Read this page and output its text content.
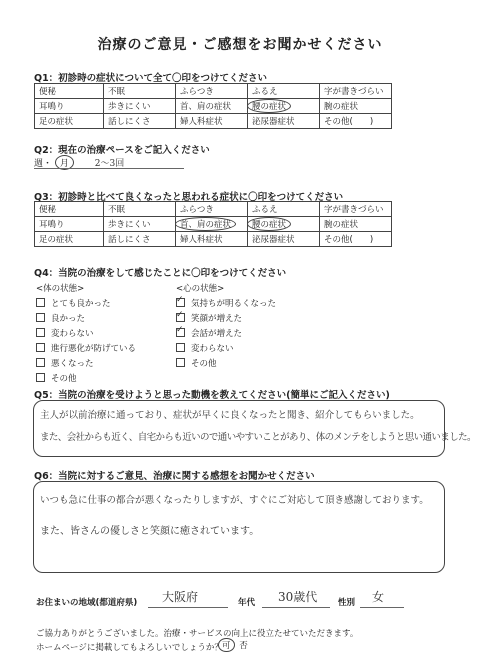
治療のご意見・ご感想をお聞かせください
Q1：初診時の症状について全て〇印をつけてください
便秘	不眠	ふらつき	ふるえ	字が書きづらい
耳鳴り	歩きにくい	首、肩の症状	腰の症状	腕の症状
足の症状	話しにくさ	婦人科症状	泌尿器症状	その他(　　)
Q2：現在の治療ペースをご記入ください
週・ 月	2〜3回
Q3：初診時と比べて良くなったと思われる症状に〇印をつけてください
便秘	不眠	ふらつき	ふるえ	字が書きづらい
耳鳴り	歩きにくい	首、肩の症状	腰の症状	腕の症状
足の症状	話しにくさ	婦人科症状	泌尿器症状	その他(　　)
Q4：当院の治療をして感じたことに〇印をつけてください
<体の状態>
とても良かった
良かった
変わらない
進行悪化が防げている
悪くなった
その他
<心の状態>
✓
気持ちが明るくなった
✓
笑顔が増えた
✓
会話が増えた
変わらない
その他
Q5：当院の治療を受けようと思った動機を教えてください(簡単にご記入ください)
主人が以前治療に通っており、症状が早くに良くなったと聞き、紹介してもらいました。
また、会社からも近く、自宅からも近いので通いやすいことがあり、体のメンテをしようと思い通いました。
Q6：当院に対するご意見、治療に関する感想をお聞かせください
いつも急に仕事の都合が悪くなったりしますが、すぐにご対応して頂き感謝しております。
また、皆さんの優しさと笑顔に癒されています。
お住まいの地域(都道府県) 大阪府	年代 30歳代 性別 女
ご協力ありがとうございました。治療・サービスの向上に役立たせていただきます。
ホームページに掲載してもよろしいでしょうか？ 可 否
